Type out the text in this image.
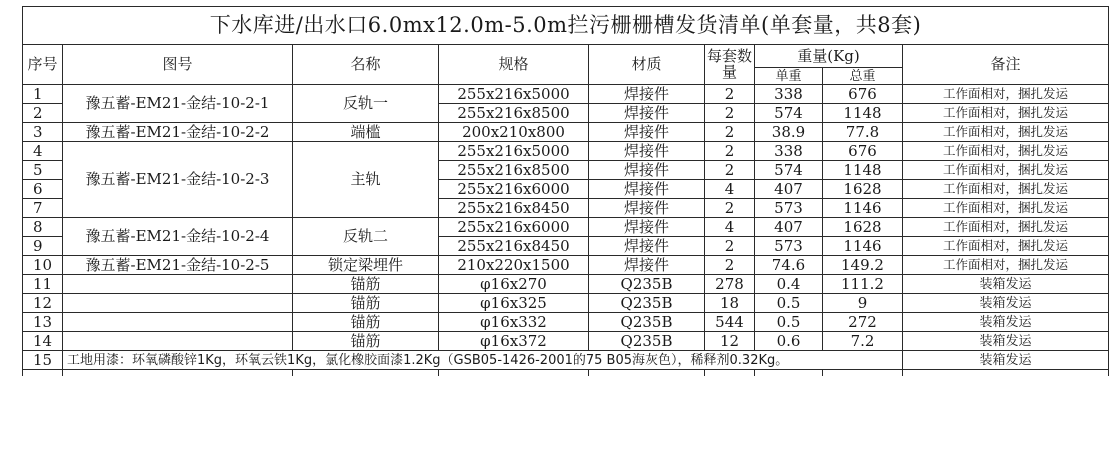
下水库进/出水口6.0mx12.0m-5.0m拦污栅栅槽发货清单(单套量，共8套)								
序号	图号	名称	规格	材质	每套数
量	重量(Kg)		备注
						单重	总重	
1	豫五蓄-EM21-金结-10-2-1	反轨一	255x216x5000	焊接件	2	338	676	工作面相对，捆扎发运
2			255x216x8500	焊接件	2	574	1148	工作面相对，捆扎发运
3	豫五蓄-EM21-金结-10-2-2	端槛	200x210x800	焊接件	2	38.9	77.8	工作面相对，捆扎发运
4	豫五蓄-EM21-金结-10-2-3	主轨	255x216x5000	焊接件	2	338	676	工作面相对，捆扎发运
5			255x216x8500	焊接件	2	574	1148	工作面相对，捆扎发运
6			255x216x6000	焊接件	4	407	1628	工作面相对，捆扎发运
7			255x216x8450	焊接件	2	573	1146	工作面相对，捆扎发运
8	豫五蓄-EM21-金结-10-2-4	反轨二	255x216x6000	焊接件	4	407	1628	工作面相对，捆扎发运
9			255x216x8450	焊接件	2	573	1146	工作面相对，捆扎发运
10	豫五蓄-EM21-金结-10-2-5	锁定梁埋件	210x220x1500	焊接件	2	74.6	149.2	工作面相对，捆扎发运
11		锚筋	φ16x270	Q235B	278	0.4	111.2	装箱发运
12		锚筋	φ16x325	Q235B	18	0.5	9	装箱发运
13		锚筋	φ16x332	Q235B	544	0.5	272	装箱发运
14		锚筋	φ16x372	Q235B	12	0.6	7.2	装箱发运
15	工地用漆：环氧磷酸锌1Kg，环氧云铁1Kg，氯化橡胶面漆1.2Kg（GSB05-1426-2001的75 B05海灰色），稀释剂0.32Kg。							装箱发运
